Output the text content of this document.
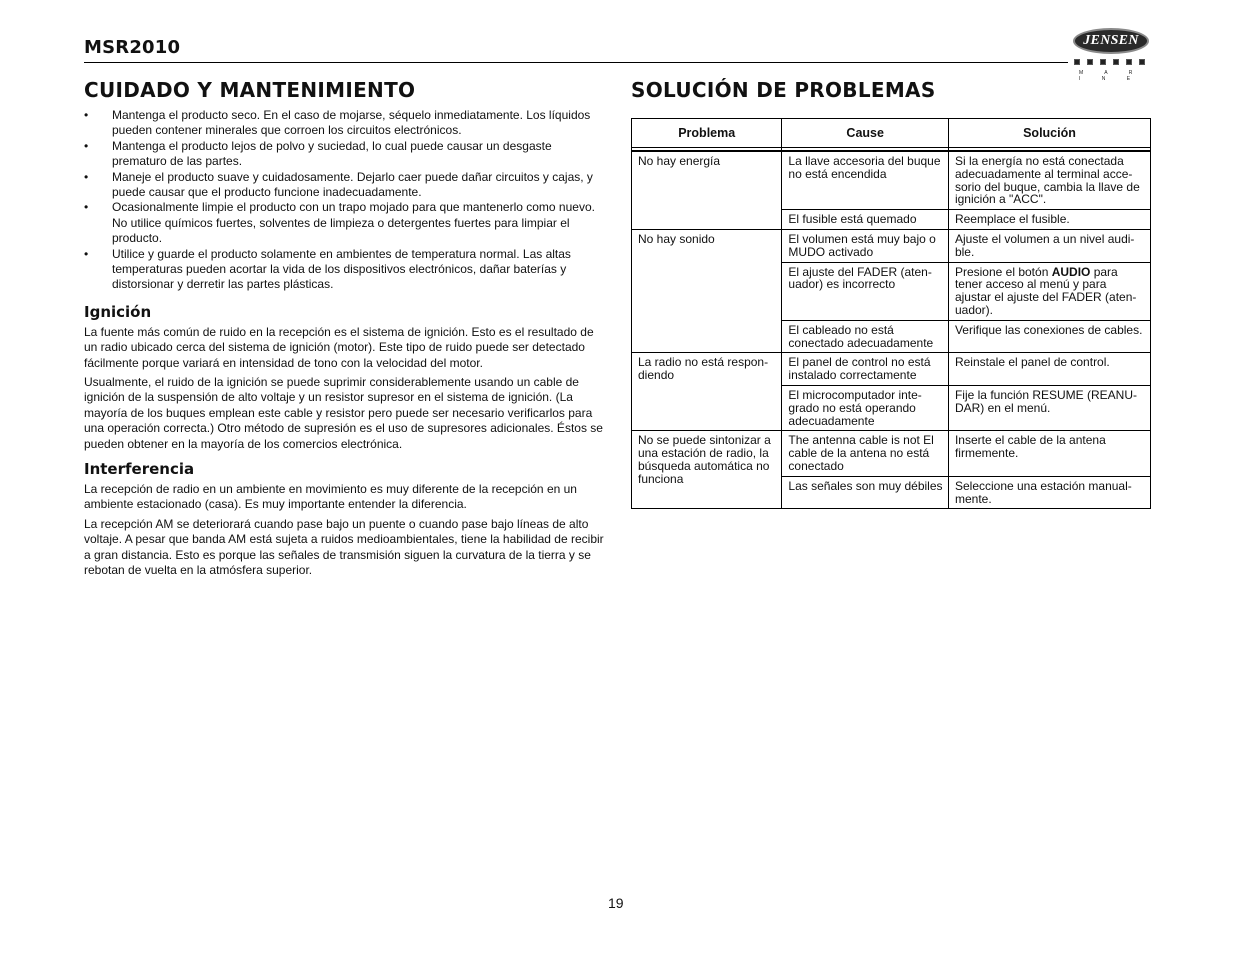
MSR2010	JENSEN
M A R I N E
CUIDADO Y MANTENIMIENTO
• Mantenga el producto seco. En el caso de mojarse, séquelo inmediatamente. Los líquidos pueden contener minerales que corroen los circuitos electrónicos.
• Mantenga el producto lejos de polvo y suciedad, lo cual puede causar un desgaste prematuro de las partes.
• Maneje el producto suave y cuidadosamente. Dejarlo caer puede dañar circuitos y cajas, y puede causar que el producto funcione inadecuadamente.
• Ocasionalmente limpie el producto con un trapo mojado para que mantenerlo como nuevo. No utilice químicos fuertes, solventes de limpieza o detergentes fuertes para limpiar el producto.
• Utilice y guarde el producto solamente en ambientes de temperatura normal. Las altas temperaturas pueden acortar la vida de los dispositivos electrónicos, dañar baterías y distorsionar y derretir las partes plásticas.
Ignición

La fuente más común de ruido en la recepción es el sistema de ignición. Esto es el resultado de un radio ubicado cerca del sistema de ignición (motor). Este tipo de ruido puede ser detectado fácilmente porque variará en intensidad de tono con la velocidad del motor.

Usualmente, el ruido de la ignición se puede suprimir considerablemente usando un cable de ignición de la suspensión de alto voltaje y un resistor supresor en el sistema de ignición. (La mayoría de los buques emplean este cable y resistor pero puede ser necesario verificarlos para una operación correcta.) Otro método de supresión es el uso de supresores adicionales. Éstos se pueden obtener en la mayoría de los comercios electrónica.

Interferencia

La recepción de radio en un ambiente en movimiento es muy diferente de la recepción en un ambiente estacionado (casa). Es muy importante entender la diferencia.

La recepción AM se deteriorará cuando pase bajo un puente o cuando pase bajo líneas de alto voltaje. A pesar que banda AM está sujeta a ruidos medioambientales, tiene la habilidad de recibir a gran distancia. Esto es porque las señales de transmisión siguen la curvatura de la tierra y se rebotan de vuelta en la atmósfera superior.

SOLUCIÓN DE PROBLEMAS
Problema	Cause	Solución

No hay energía	La llave accesoria del buque no está encendida	Si la energía no está conectada adecuadamente al terminal acce-sorio del buque, cambia la llave de ignición a "ACC".
	El fusible está quemado	Reemplace el fusible.
No hay sonido	El volumen está muy bajo o MUDO activado	Ajuste el volumen a un nivel audi-ble.
	El ajuste del FADER (aten-uador) es incorrecto	Presione el botón AUDIO para tener acceso al menú y para ajustar el ajuste del FADER (aten-uador).
	El cableado no está conectado adecuadamente	Verifique las conexiones de cables.
La radio no está respon-diendo	El panel de control no está instalado correctamente	Reinstale el panel de control.
	El microcomputador inte-grado no está operando adecuadamente	Fije la función RESUME (REANU-DAR) en el menú.
No se puede sintonizar a una estación de radio, la búsqueda automática no funciona	The antenna cable is not El cable de la antena no está conectado	Inserte el cable de la antena firmemente.
	Las señales son muy débiles	Seleccione una estación manual-mente.
19
